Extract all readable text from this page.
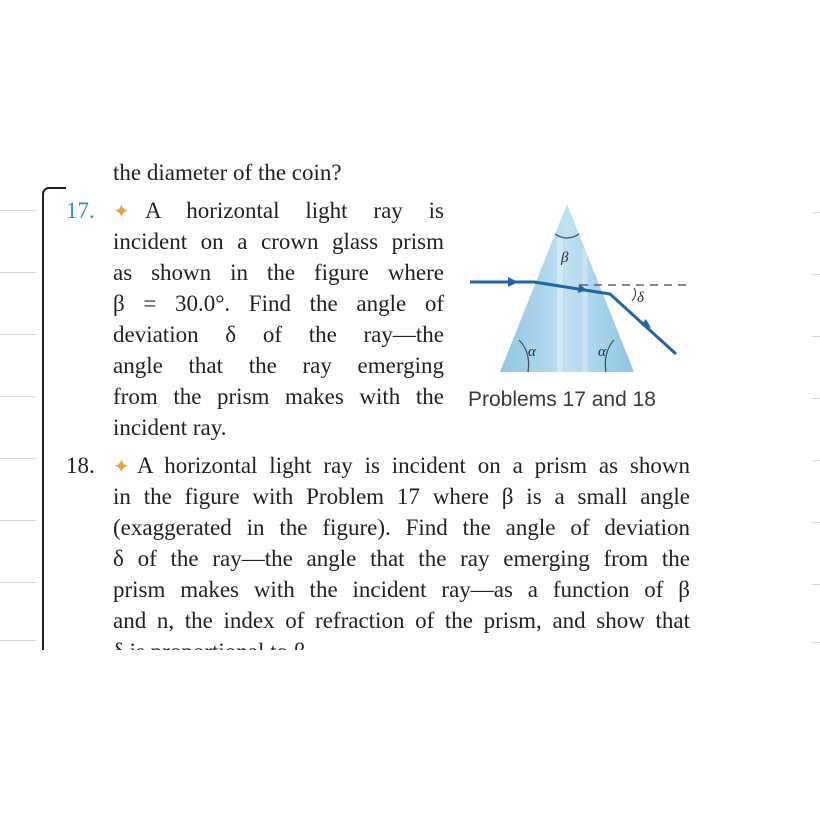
the diameter of the coin?
17. ✦ A horizontal light ray is
incident on a crown glass prism
as shown in the figure where
β = 30.0°. Find the angle of
deviation δ of the ray—the
angle that the ray emerging
from the prism makes with the
incident ray.
β
α	α
δ
Problems 17 and 18
18. ✦ A horizontal light ray is incident on a prism as shown
in the figure with Problem 17 where β is a small angle
(exaggerated in the figure). Find the angle of deviation
δ of the ray—the angle that the ray emerging from the
prism makes with the incident ray—as a function of β
and n, the index of refraction of the prism, and show that
